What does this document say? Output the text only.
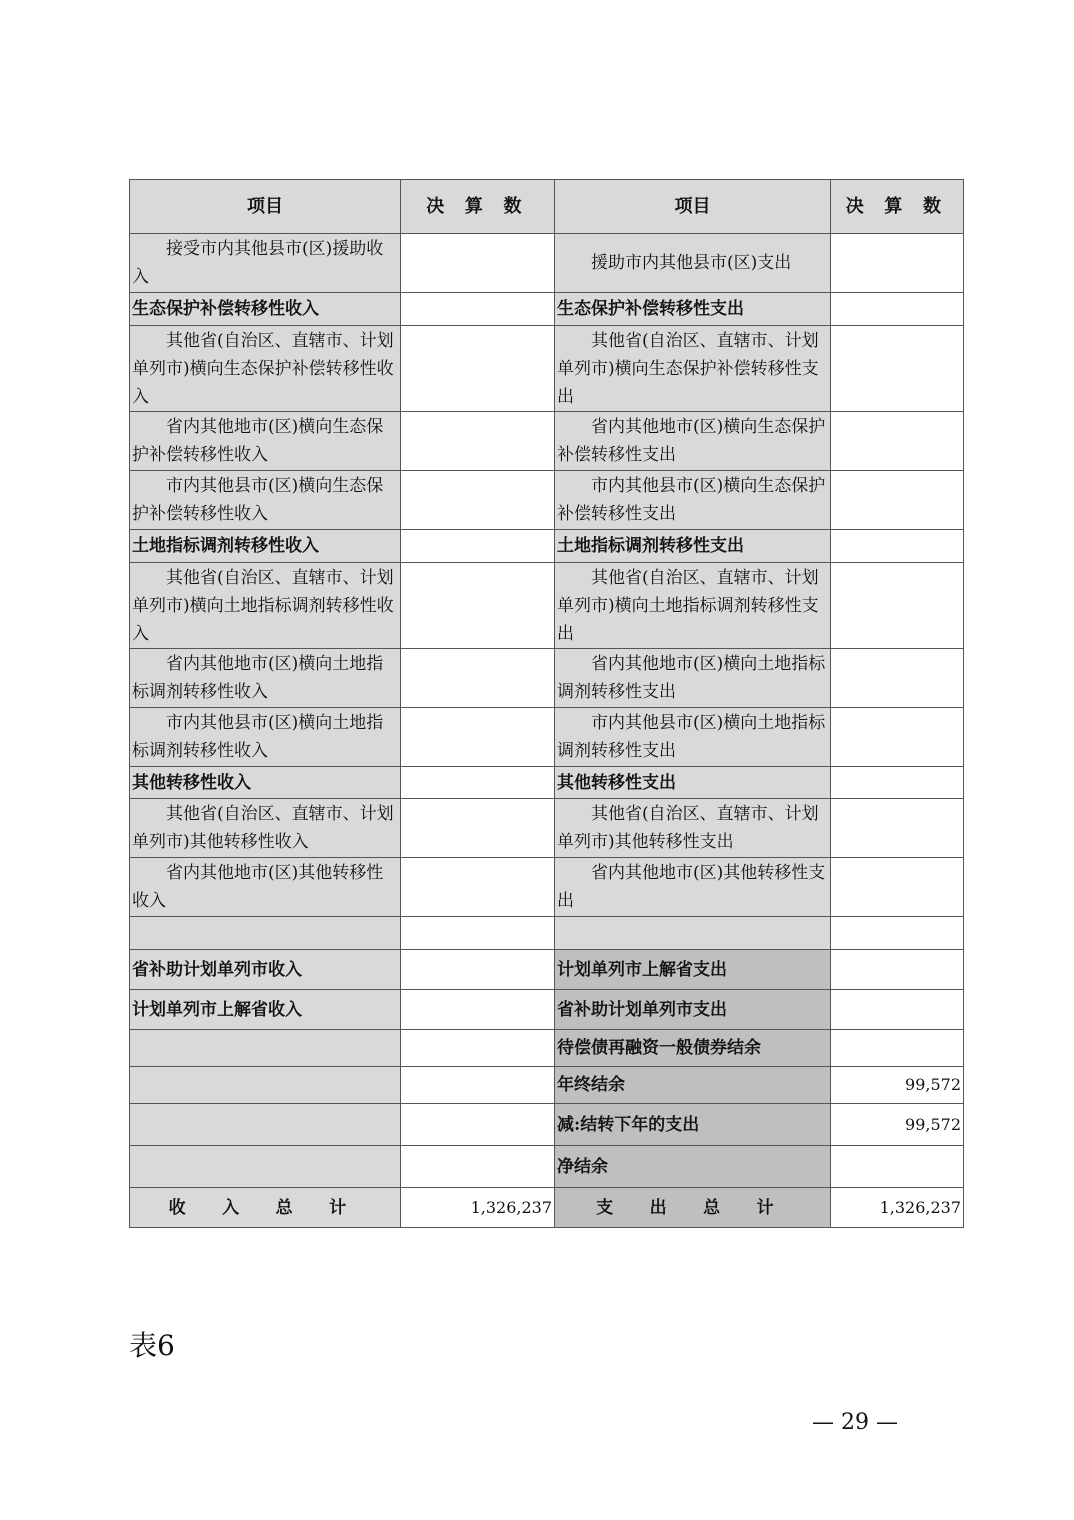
项目	决 算 数	项目	决 算 数
接受市内其他县市(区)援助收入		援助市内其他县市(区)支出	
生态保护补偿转移性收入		生态保护补偿转移性支出	
其他省(自治区、直辖市、计划单列市)横向生态保护补偿转移性收入		其他省(自治区、直辖市、计划单列市)横向生态保护补偿转移性支出	
省内其他地市(区)横向生态保护补偿转移性收入		省内其他地市(区)横向生态保护补偿转移性支出	
市内其他县市(区)横向生态保护补偿转移性收入		市内其他县市(区)横向生态保护补偿转移性支出	
土地指标调剂转移性收入		土地指标调剂转移性支出	
其他省(自治区、直辖市、计划单列市)横向土地指标调剂转移性收入		其他省(自治区、直辖市、计划单列市)横向土地指标调剂转移性支出	
省内其他地市(区)横向土地指标调剂转移性收入		省内其他地市(区)横向土地指标调剂转移性支出	
市内其他县市(区)横向土地指标调剂转移性收入		市内其他县市(区)横向土地指标调剂转移性支出	
其他转移性收入		其他转移性支出	
其他省(自治区、直辖市、计划单列市)其他转移性收入		其他省(自治区、直辖市、计划单列市)其他转移性支出	
省内其他地市(区)其他转移性收入		省内其他地市(区)其他转移性支出	

省补助计划单列市收入		计划单列市上解省支出	
计划单列市上解省收入		省补助计划单列市支出	
		待偿债再融资一般债券结余	
		年终结余	99,572
		减:结转下年的支出	99,572
		净结余	
收 入 总 计	1,326,237	支 出 总 计	1,326,237
表6
— 29 —
